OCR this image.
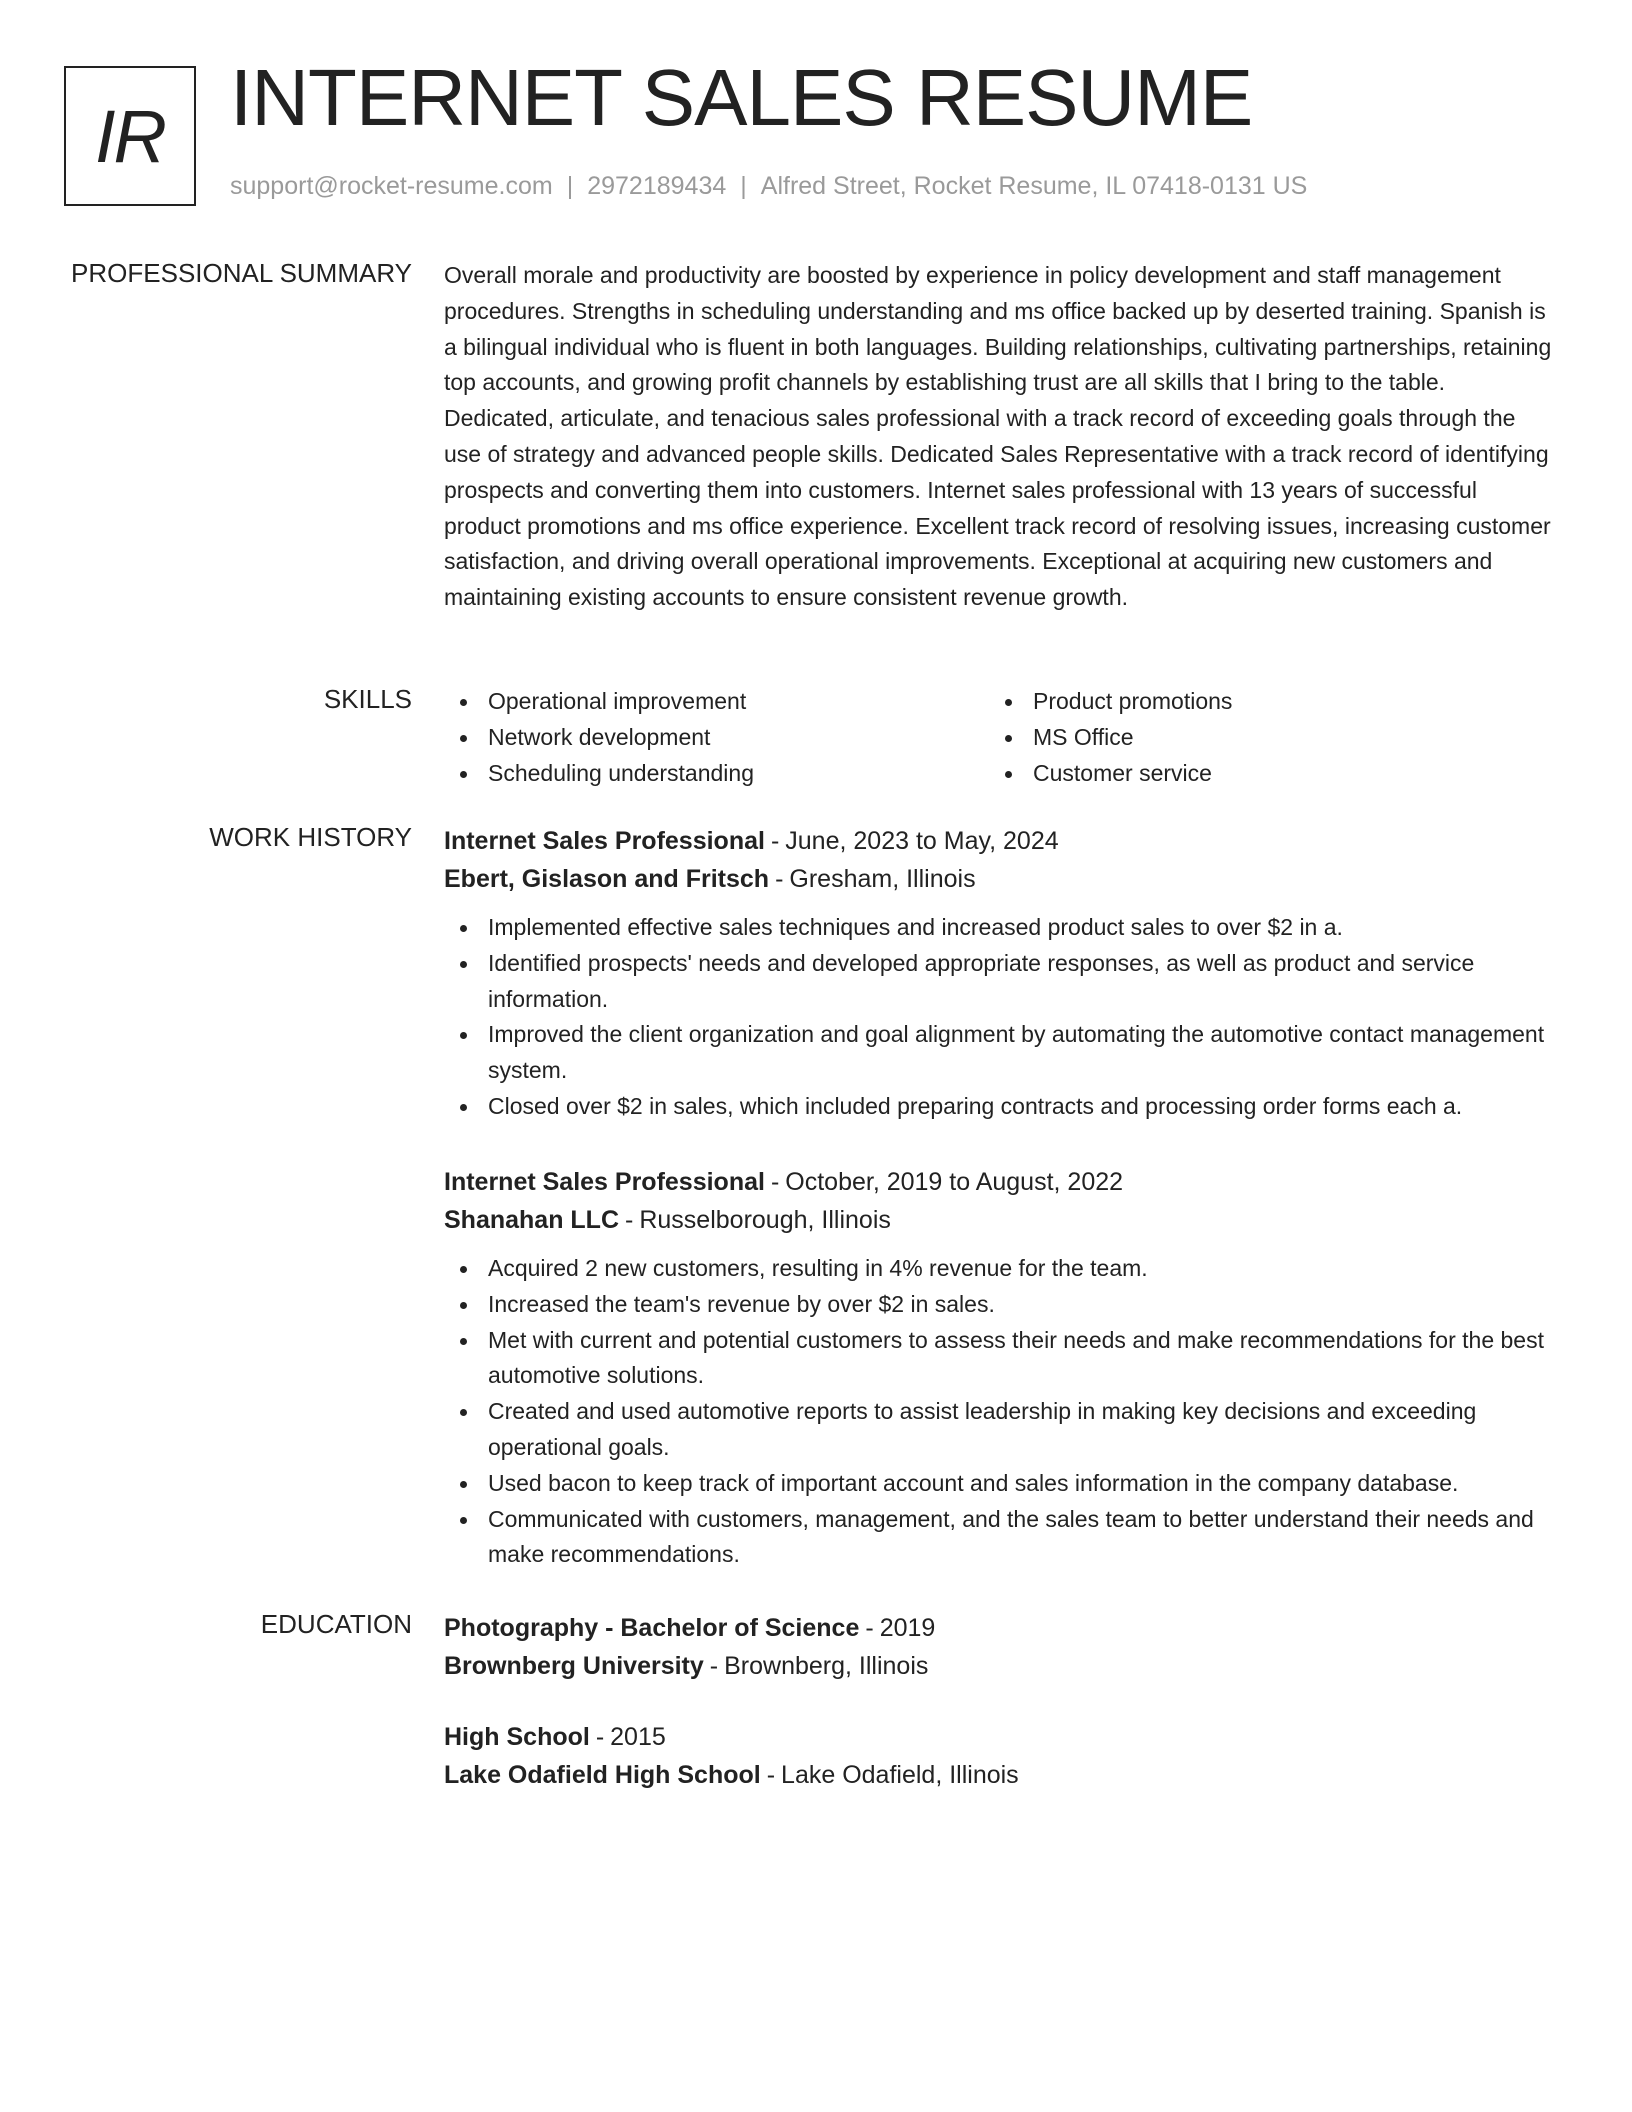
IR INTERNET SALES RESUME
support@rocket-resume.com | 2972189434 | Alfred Street, Rocket Resume, IL 07418-0131 US
PROFESSIONAL SUMMARY Overall morale and productivity are boosted by experience in policy development and staff management procedures. Strengths in scheduling understanding and ms office backed up by deserted training. Spanish is a bilingual individual who is fluent in both languages. Building relationships, cultivating partnerships, retaining top accounts, and growing profit channels by establishing trust are all skills that I bring to the table. Dedicated, articulate, and tenacious sales professional with a track record of exceeding goals through the use of strategy and advanced people skills. Dedicated Sales Representative with a track record of identifying prospects and converting them into customers. Internet sales professional with 13 years of successful product promotions and ms office experience. Excellent track record of resolving issues, increasing customer satisfaction, and driving overall operational improvements. Exceptional at acquiring new customers and maintaining existing accounts to ensure consistent revenue growth.

SKILLS	Operational improvement
Network development
Scheduling understanding
Product promotions
MS Office
Customer service
WORK HISTORY Internet Sales Professional - June, 2023 to May, 2024
Ebert, Gislason and Fritsch - Gresham, Illinois
Implemented effective sales techniques and increased product sales to over $2 in a.
Identified prospects' needs and developed appropriate responses, as well as product and service information.
Improved the client organization and goal alignment by automating the automotive contact management system.
Closed over $2 in sales, which included preparing contracts and processing order forms each a.
Internet Sales Professional - October, 2019 to August, 2022
Shanahan LLC - Russelborough, Illinois
Acquired 2 new customers, resulting in 4% revenue for the team.
Increased the team's revenue by over $2 in sales.
Met with current and potential customers to assess their needs and make recommendations for the best automotive solutions.
Created and used automotive reports to assist leadership in making key decisions and exceeding operational goals.
Used bacon to keep track of important account and sales information in the company database.
Communicated with customers, management, and the sales team to better understand their needs and make recommendations.
EDUCATION Photography - Bachelor of Science - 2019
Brownberg University - Brownberg, Illinois
High School - 2015
Lake Odafield High School - Lake Odafield, Illinois
